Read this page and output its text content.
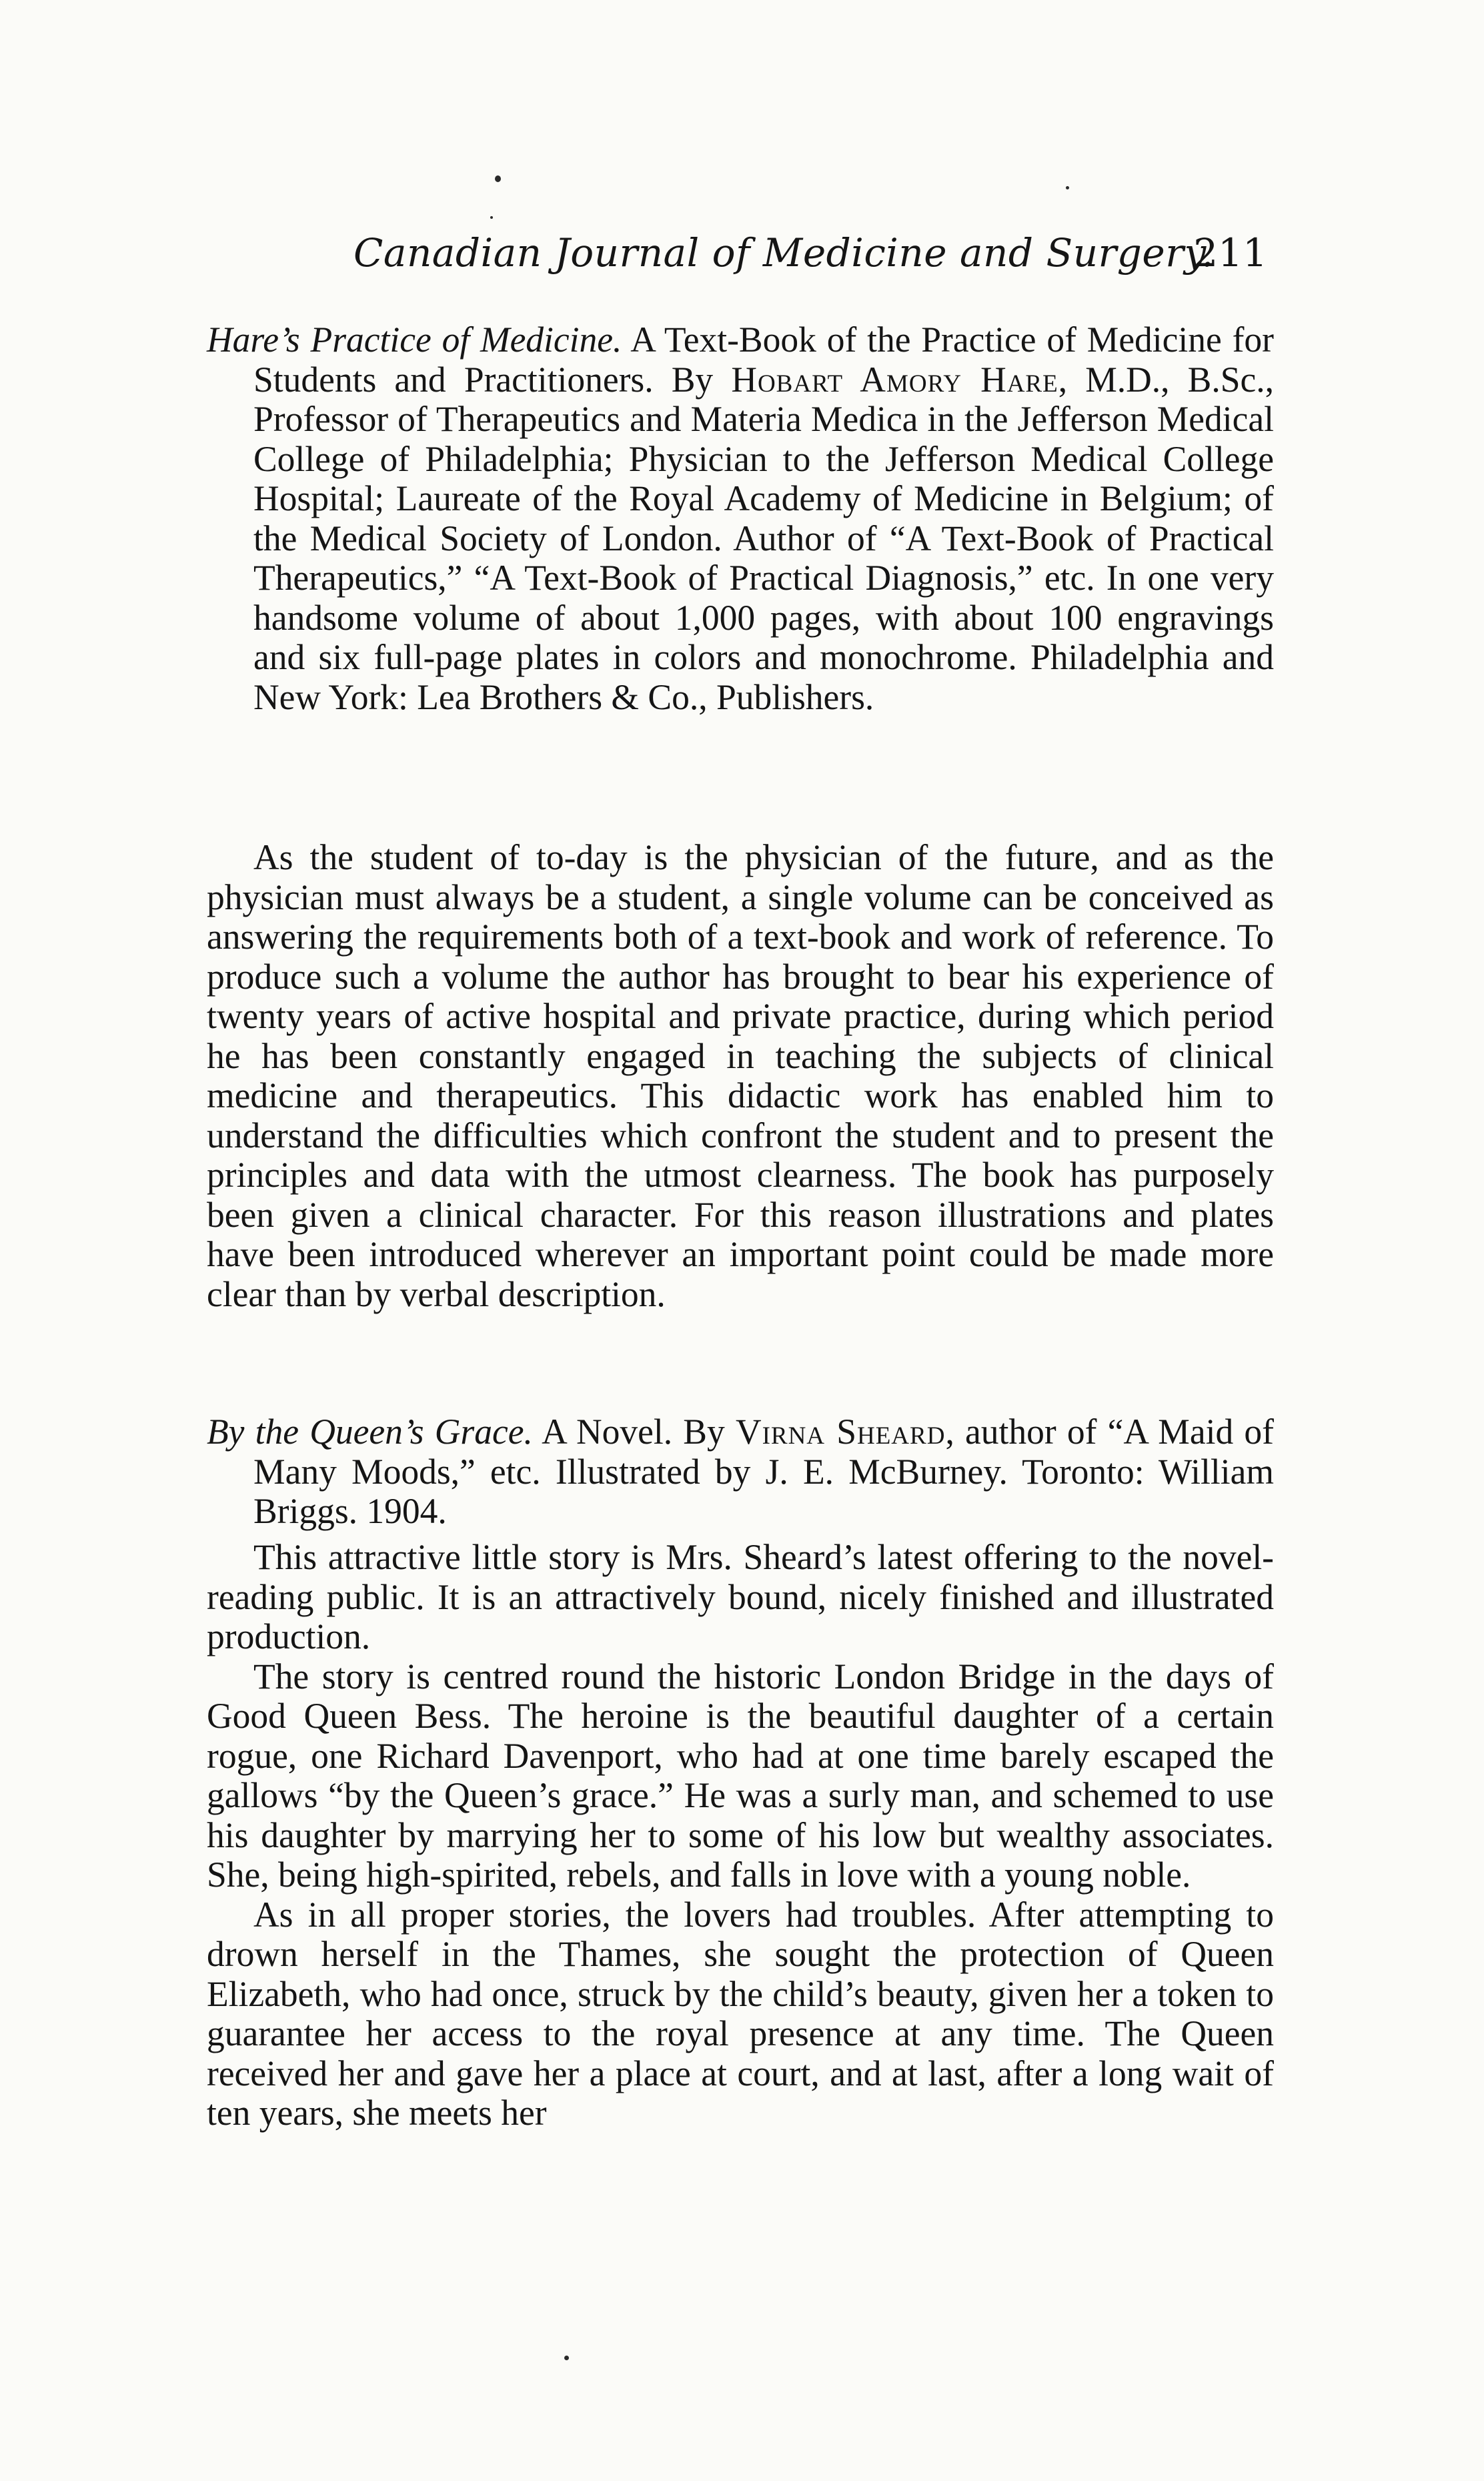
Canadian Journal of Medicine and Surgery.
211

Hare’s Practice of Medicine. A Text-Book of the Practice of Medicine for Students and Practitioners. By Hobart Amory Hare, M.D., B.Sc., Professor of Therapeutics and Materia Medica in the Jefferson Medical College of Philadelphia; Physician to the Jefferson Medical College Hospital; Laureate of the Royal Academy of Medicine in Belgium; of the Medical Society of London. Author of “A Text-Book of Practical Therapeutics,” “A Text-Book of Practical Diagnosis,” etc. In one very handsome volume of about 1,000 pages, with about 100 engravings and six full-page plates in colors and monochrome. Philadelphia and New York: Lea Brothers & Co., Publishers.

As the student of to-day is the physician of the future, and as the physician must always be a student, a single volume can be conceived as answering the requirements both of a text-book and work of reference. To produce such a volume the author has brought to bear his experience of twenty years of active hospital and private practice, during which period he has been constantly engaged in teaching the subjects of clinical medicine and therapeutics. This didactic work has enabled him to understand the difficulties which confront the student and to present the principles and data with the utmost clearness. The book has purposely been given a clinical character. For this reason illustrations and plates have been introduced wherever an important point could be made more clear than by verbal description.

By the Queen’s Grace. A Novel. By Virna Sheard, author of “A Maid of Many Moods,” etc. Illustrated by J. E. McBurney. Toronto: William Briggs. 1904.

This attractive little story is Mrs. Sheard’s latest offering to the novel-reading public. It is an attractively bound, nicely finished and illustrated production.

The story is centred round the historic London Bridge in the days of Good Queen Bess. The heroine is the beautiful daughter of a certain rogue, one Richard Davenport, who had at one time barely escaped the gallows “by the Queen’s grace.” He was a surly man, and schemed to use his daughter by marrying her to some of his low but wealthy associates. She, being high-spirited, rebels, and falls in love with a young noble.

As in all proper stories, the lovers had troubles. After attempting to drown herself in the Thames, she sought the protection of Queen Elizabeth, who had once, struck by the child’s beauty, given her a token to guarantee her access to the royal presence at any time. The Queen received her and gave her a place at court, and at last, after a long wait of ten years, she meets her
